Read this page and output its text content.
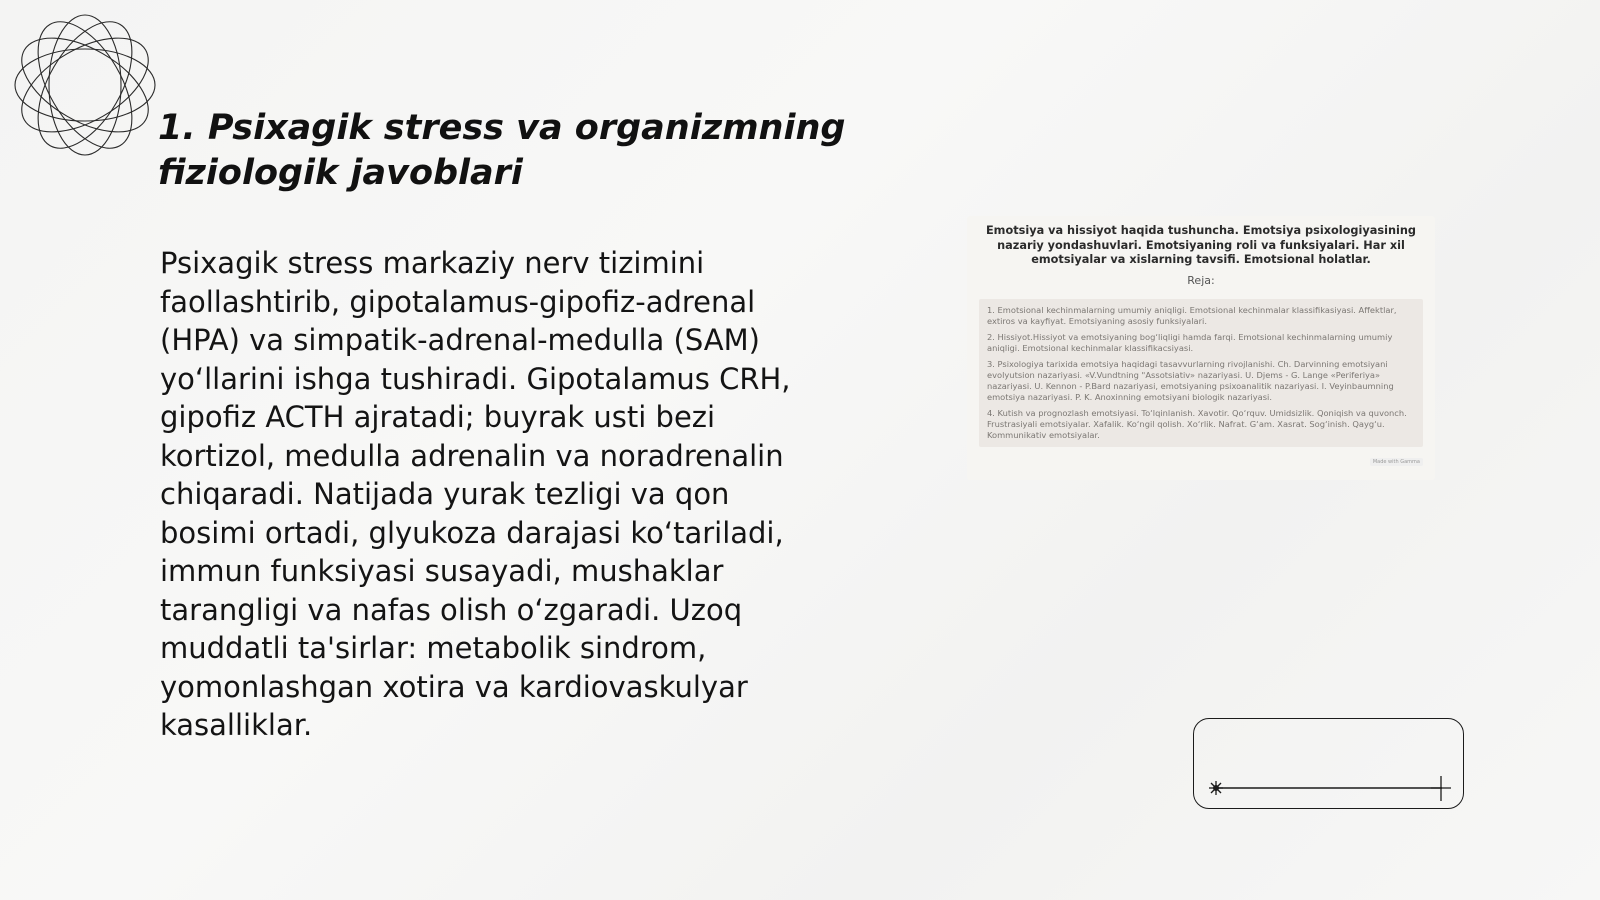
1. Psixagik stress va organizmning fiziologik javoblari

Psixagik stress markaziy nerv tizimini faollashtirib, gipotalamus-gipofiz-adrenal (HPA) va simpatik-adrenal-medulla (SAM) yo‘llarini ishga tushiradi. Gipotalamus CRH, gipofiz ACTH ajratadi; buyrak usti bezi kortizol, medulla adrenalin va noradrenalin chiqaradi. Natijada yurak tezligi va qon bosimi ortadi, glyukoza darajasi ko‘tariladi, immun funksiyasi susayadi, mushaklar tarangligi va nafas olish o‘zgaradi. Uzoq muddatli ta'sirlar: metabolik sindrom, yomonlashgan xotira va kardiovaskulyar kasalliklar.

Emotsiya va hissiyot haqida tushuncha. Emotsiya psixologiyasining nazariy yondashuvlari. Emotsiyaning roli va funksiyalari. Har xil emotsiyalar va xislarning tavsifi. Emotsional holatlar.
Reja:
1. Emotsional kechinmalarning umumiy aniqligi. Emotsional kechinmalar klassifikasiyasi. Affektlar, extiros va kayfiyat. Emotsiyaning asosiy funksiyalari.
2. Hissiyot.Hissiyot va emotsiyaning bog‘liqligi hamda farqi. Emotsional kechinmalarning umumiy aniqligi. Emotsional kechinmalar klassifikacsiyasi.
3. Psixologiya tarixida emotsiya haqidagi tasavvurlarning rivojlanishi. Ch. Darvinning emotsiyani evolyutsion nazariyasi. «V.Vundtning "Assotsiativ» nazariyasi. U. Djems - G. Lange «Periferiya» nazariyasi. U. Kennon - P.Bard nazariyasi, emotsiyaning psixoanalitik nazariyasi. I. Veyinbaumning emotsiya nazariyasi. P. K. Anoxinning emotsiyani biologik nazariyasi.
4. Kutish va prognozlash emotsiyasi. To‘lqinlanish. Xavotir. Qo‘rquv. Umidsizlik. Qoniqish va quvonch. Frustrasiyali emotsiyalar. Xafalik. Ko‘ngil qolish. Xo‘rlik. Nafrat. G‘am. Xasrat. Sog‘inish. Qayg‘u. Kommunikativ emotsiyalar.
Made with Gamma
